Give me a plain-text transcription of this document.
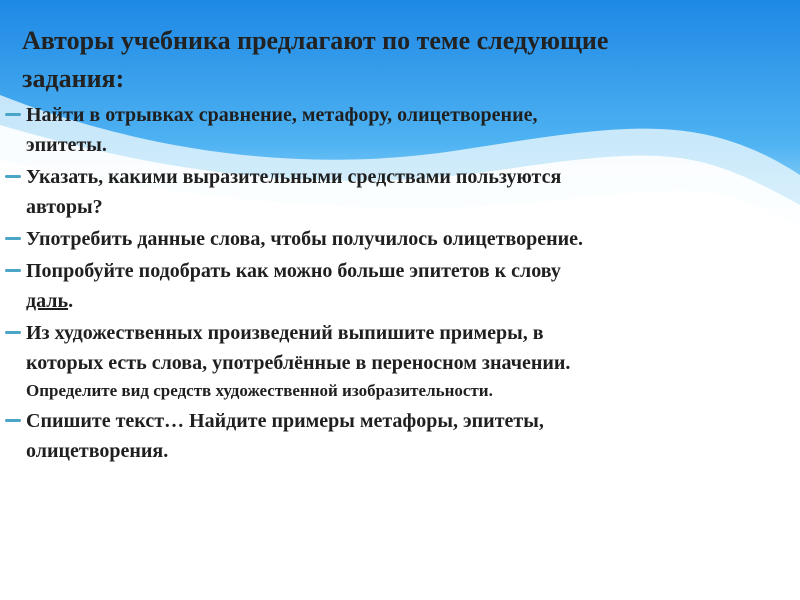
Авторы учебника предлагают по теме следующие
задания:
Найти в отрывках сравнение, метафору, олицетворение,
эпитеты.
Указать, какими выразительными средствами пользуются
авторы?
Употребить данные слова, чтобы получилось олицетворение.
Попробуйте подобрать как можно больше эпитетов к слову
даль.
Из художественных произведений выпишите примеры, в
которых есть слова, употреблённые в переносном значении.
Определите вид средств художественной изобразительности.
Спишите текст… Найдите примеры метафоры, эпитеты,
олицетворения.
